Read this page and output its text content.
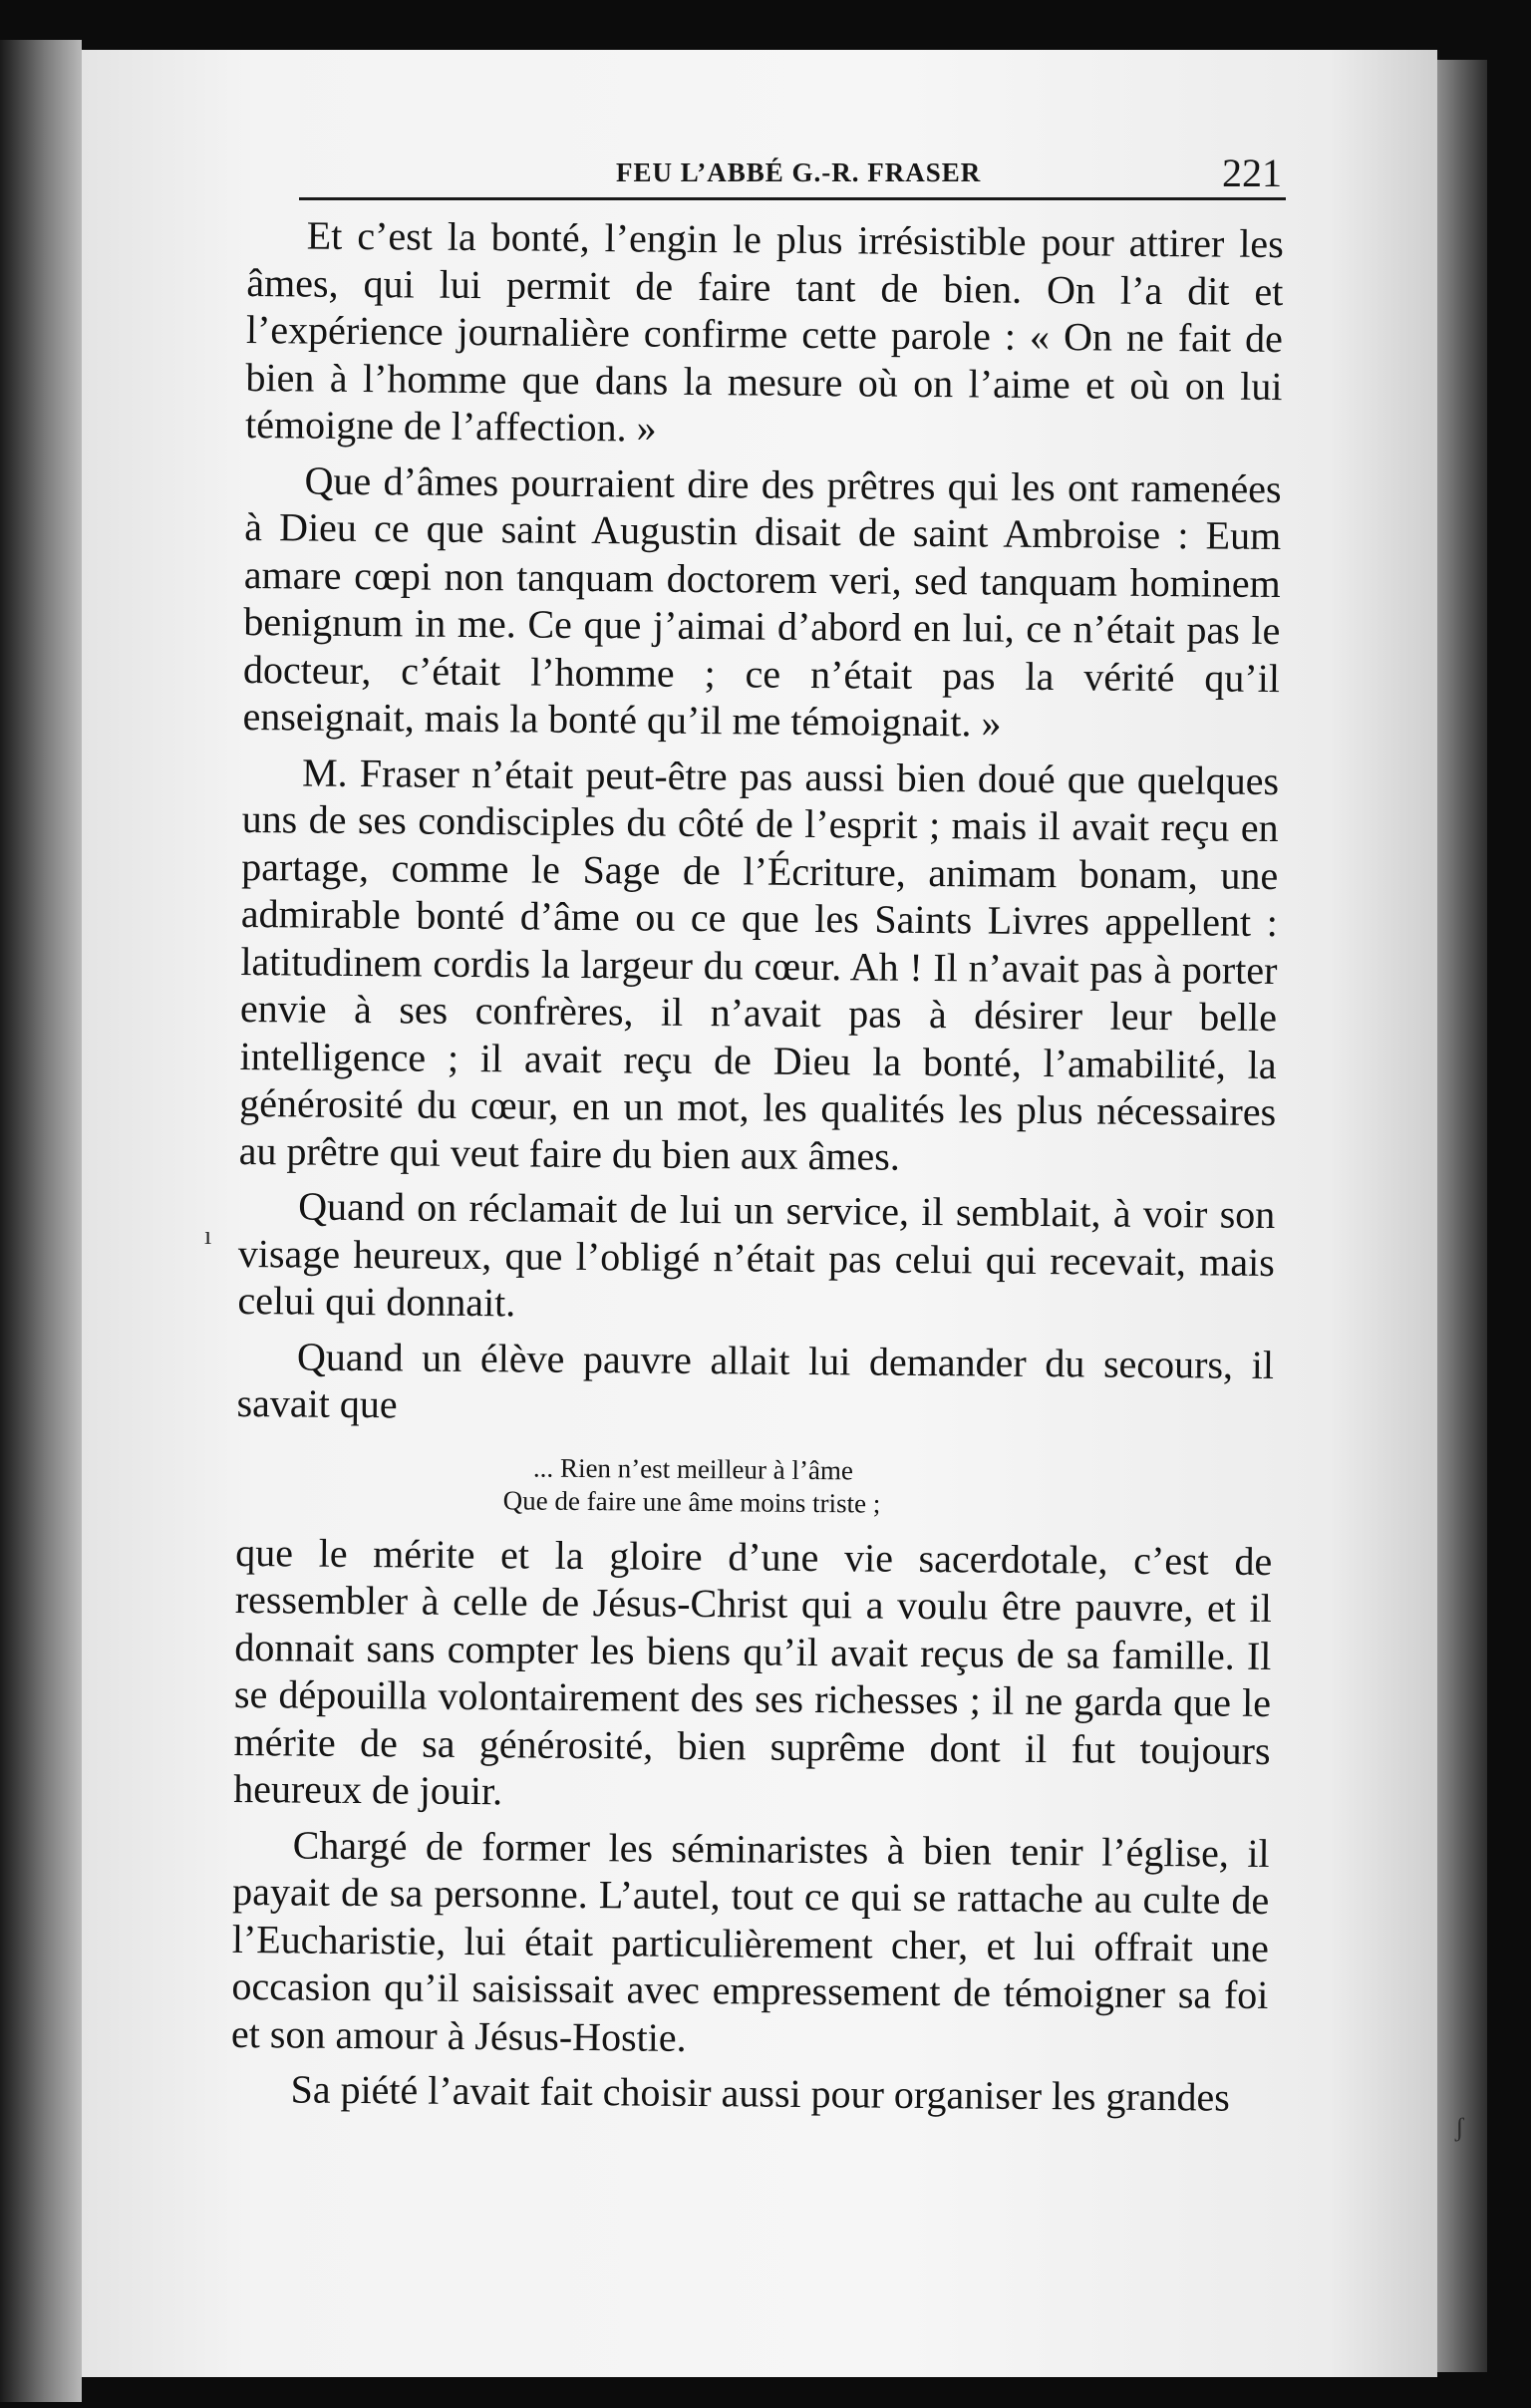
FEU L’ABBÉ G.-R. FRASER	221

Et c’est la bonté, l’engin le plus irrésistible pour attirer les âmes, qui lui permit de faire tant de bien. On l’a dit et l’expérience journalière confirme cette parole : « On ne fait de bien à l’homme que dans la mesure où on l’aime et où on lui témoigne de l’affection. »

Que d’âmes pourraient dire des prêtres qui les ont ramenées à Dieu ce que saint Augustin disait de saint Ambroise : Eum amare cœpi non tanquam doctorem veri, sed tanquam hominem benignum in me. Ce que j’aimai d’abord en lui, ce n’était pas le docteur, c’était l’homme ; ce n’était pas la vérité qu’il enseignait, mais la bonté qu’il me témoignait. »

M. Fraser n’était peut-être pas aussi bien doué que quelques uns de ses condisciples du côté de l’esprit ; mais il avait reçu en partage, comme le Sage de l’Écriture, animam bonam, une admirable bonté d’âme ou ce que les Saints Livres appellent : latitudinem cordis la largeur du cœur. Ah ! Il n’avait pas à porter envie à ses confrères, il n’avait pas à désirer leur belle intelligence ; il avait reçu de Dieu la bonté, l’amabilité, la générosité du cœur, en un mot, les qualités les plus nécessaires au prêtre qui veut faire du bien aux âmes.

Quand on réclamait de lui un service, il semblait, à voir son visage heureux, que l’obligé n’était pas celui qui recevait, mais celui qui donnait.

Quand un élève pauvre allait lui demander du secours, il savait que

... Rien n’est meilleur à l’âme
Que de faire une âme moins triste ;

que le mérite et la gloire d’une vie sacerdotale, c’est de ressembler à celle de Jésus-Christ qui a voulu être pauvre, et il donnait sans compter les biens qu’il avait reçus de sa famille. Il se dépouilla volontairement des ses richesses ; il ne garda que le mérite de sa générosité, bien suprême dont il fut toujours heureux de jouir.

Chargé de former les séminaristes à bien tenir l’église, il payait de sa personne. L’autel, tout ce qui se rattache au culte de l’Eucharistie, lui était particulièrement cher, et lui offrait une occasion qu’il saisissait avec empressement de témoigner sa foi et son amour à Jésus-Hostie.

Sa piété l’avait fait choisir aussi pour organiser les grandes

ı
ʃ
